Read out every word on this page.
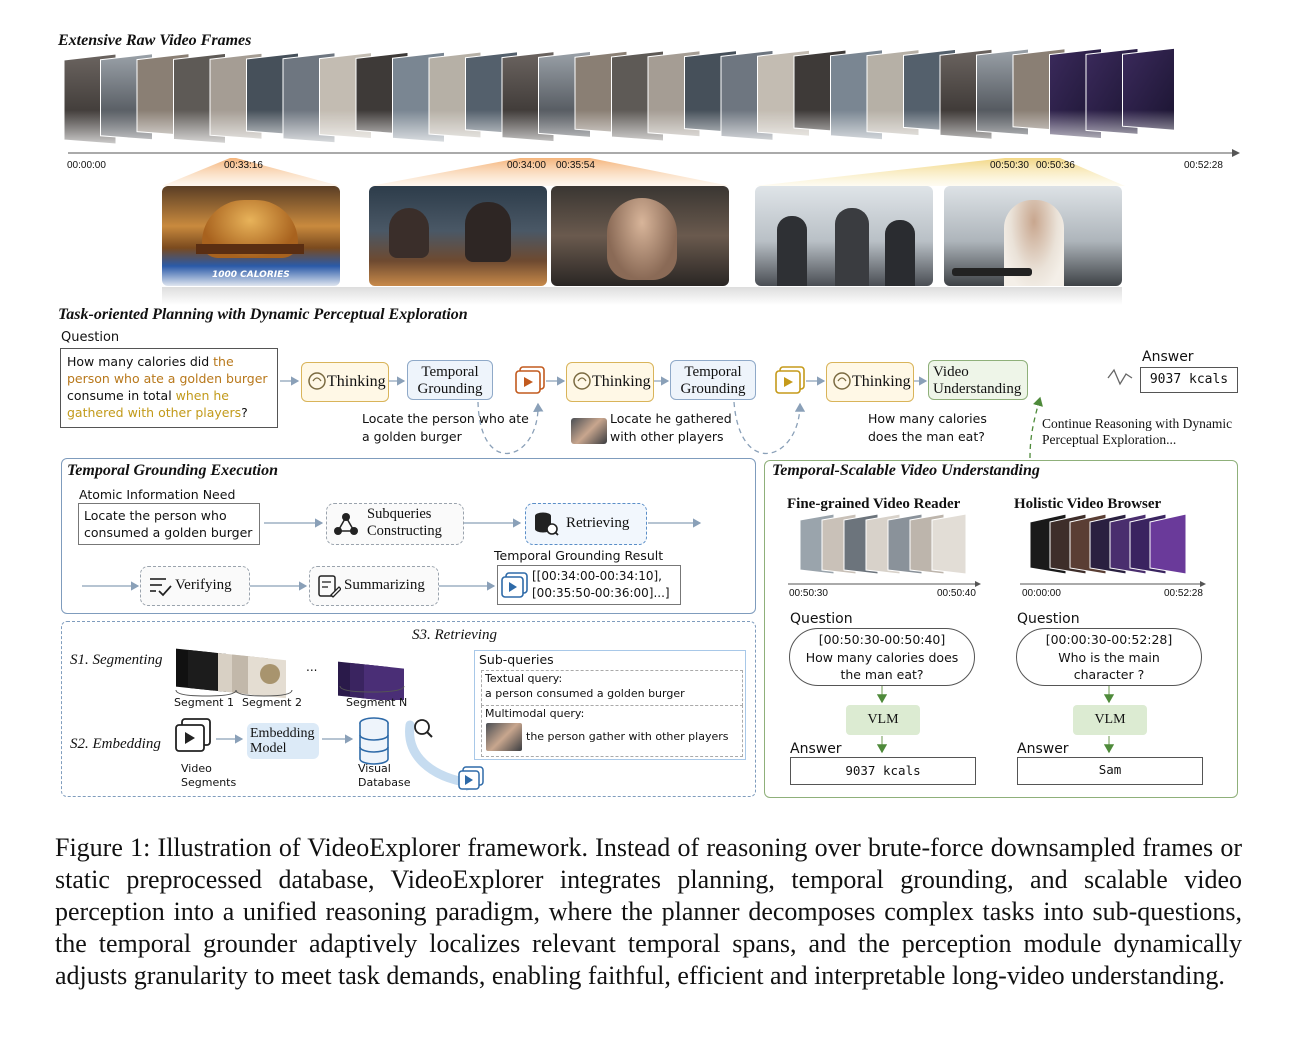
Extensive Raw Video Frames
00:00:00	00:33:16	00:34:00 00:35:54	00:50:30 00:50:36	00:52:28
1000 CALORIES
Task-oriented Planning with Dynamic Perceptual Exploration
Question
How many calories did the person who ate a golden burger consume in total when he gathered with other players?
Thinking
Temporal Grounding	Thinking
Temporal Grounding	Thinking
Video Understanding
Locate the person who ate a golden burger
Locate he gathered with other players
How many calories does the man eat?
Continue Reasoning with Dynamic Perceptual Exploration...
Answer
9037 kcals
Temporal Grounding Execution
Atomic Information Need
Locate the person who consumed a golden burger
Subqueries Constructing	Retrieving
Verifying	Summarizing
Temporal Grounding Result
[[00:34:00-00:34:10], [00:35:50-00:36:00]...]
S3. Retrieving
S1. Segmenting
S2. Embedding
...
Segment 1 Segment 2	Segment N
Embedding Model
Video Segments
Visual Database
Sub-queries
Textual query:
a person consumed a golden burger
Multimodal query:
the person gather with other players
Temporal-Scalable Video Understanding
Fine-grained Video Reader	Holistic Video Browser
00:50:30	00:50:40	00:00:00	00:52:28
Question	Question
[00:50:30-00:50:40] How many calories does the man eat?
[00:00:30-00:52:28] Who is the main character ?
VLM	VLM
Answer	Answer
9037 kcals	Sam
Figure 1: Illustration of VideoExplorer framework. Instead of reasoning over brute-force downsampled frames or static preprocessed database, VideoExplorer integrates planning, temporal grounding, and scalable video perception into a unified reasoning paradigm, where the planner decomposes complex tasks into sub-questions, the temporal grounder adaptively localizes relevant temporal spans, and the perception module dynamically adjusts granularity to meet task demands, enabling faithful, efficient and interpretable long-video understanding.
